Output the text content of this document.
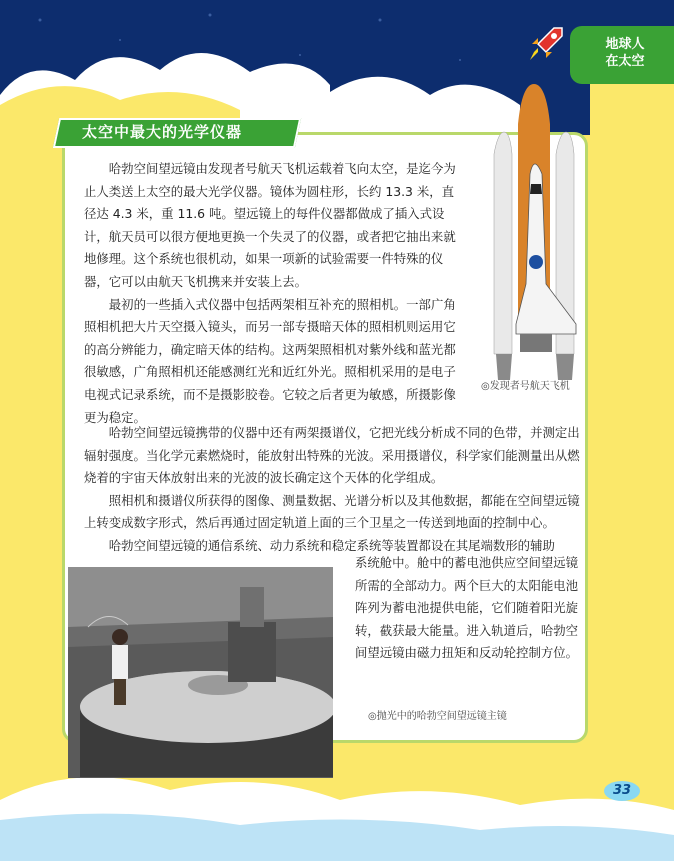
地球人
在太空
太空中最大的光学仪器
◎发现者号航天飞机

哈勃空间望远镜由发现者号航天飞机运载着飞向太空，是迄今为止人类送上太空的最大光学仪器。镜体为圆柱形，长约 13.3 米，直径达 4.3 米，重 11.6 吨。望远镜上的每件仪器都做成了插入式设计，航天员可以很方便地更换一个失灵了的仪器，或者把它抽出来就地修理。这个系统也很机动，如果一项新的试验需要一件特殊的仪器，它可以由航天飞机携来并安装上去。

最初的一些插入式仪器中包括两架相互补充的照相机。一部广角照相机把大片天空摄入镜头，而另一部专摄暗天体的照相机则运用它的高分辨能力，确定暗天体的结构。这两架照相机对紫外线和蓝光都很敏感，广角照相机还能感测红光和近红外光。照相机采用的是电子电视式记录系统，而不是摄影胶卷。它较之后者更为敏感，所摄影像更为稳定。

哈勃空间望远镜携带的仪器中还有两架摄谱仪，它把光线分析成不同的色带，并测定出辐射强度。当化学元素燃烧时，能放射出特殊的光波。采用摄谱仪，科学家们能测量出从燃烧着的宇宙天体放射出来的光波的波长确定这个天体的化学组成。

照相机和摄谱仪所获得的图像、测量数据、光谱分析以及其他数据，都能在空间望远镜上转变成数字形式，然后再通过固定轨道上面的三个卫星之一传送到地面的控制中心。

哈勃空间望远镜的通信系统、动力系统和稳定系统等装置都设在其尾端数形的辅助

系统舱中。舱中的蓄电池供应空间望远镜所需的全部动力。两个巨大的太阳能电池阵列为蓄电池提供电能，它们随着阳光旋转，截获最大能量。进入轨道后，哈勃空间望远镜由磁力扭矩和反动轮控制方位。

◎抛光中的哈勃空间望远镜主镜
33
